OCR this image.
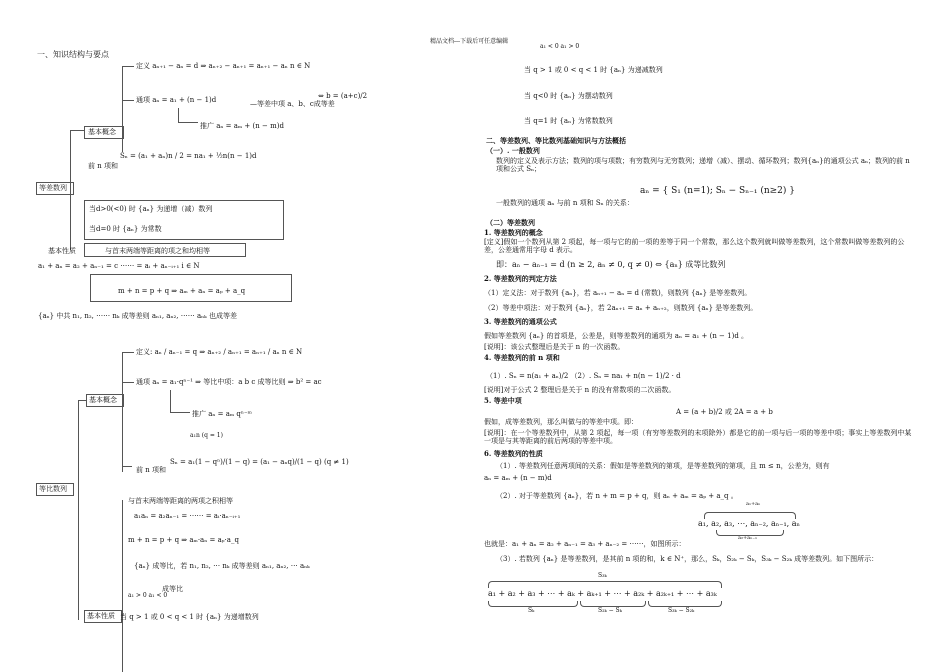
精品文档---下载后可任意编辑
一、知识结构与要点
定义 aₙ₊₁ − aₙ = d ⇒ aₙ₊₂ − aₙ₊₁ = aₙ₊₁ − aₙ n ∈ N
通项 aₙ = a₁ + (n − 1)d	—等差中项 a、b、c成等差
⇔ b = (a+c)/2
推广 aₙ = aₘ + (n − m)d
基本概念
前 n 项和
Sₙ = (a₁ + aₙ)n / 2 = na₁ + ½n(n − 1)d
等差数列
当d>0(<0) 时 {aₙ} 为递增（减）数列
当d=0 时 {aₙ} 为常数
基本性质	与首末两端等距离的项之和均相等
a₁ + aₙ = a₂ + aₙ₋₁ = c ⋯⋯ = aᵢ + aₙ₋ᵢ₊₁ i ∈ N
m + n = p + q ⇒ aₘ + aₙ = aₚ + a_q
{aₙ} 中共 n₁, n₂, ⋯⋯ nₖ 成等差则 aₙ₁, aₙ₂, ⋯⋯ aₙₖ 也成等差
定义: aₙ / aₙ₋₁ = q ⇒ aₙ₊₂ / aₙ₊₁ = aₙ₊₁ / aₙ n ∈ N
通项 aₙ = a₁·qⁿ⁻¹ ⇒ 等比中项：a b c 成等比则 ⇒ b² = ac
推广 aₙ = aₘ qⁿ⁻ᵐ
基本概念
a₁n (q = 1)
前 n 项和
Sₙ = a₁(1 − qⁿ)/(1 − q) = (a₁ − aₙq)/(1 − q) (q ≠ 1)
等比数列
与首末两端等距离的两项之积相等
a₁aₙ = a₂aₙ₋₁ = ⋯⋯ = aᵢ·aₙ₋ᵢ₊₁
m + n = p + q ⇒ aₘ·aₙ = aₚ·a_q
{aₙ} 成等比，若 n₁, n₂, ⋯ nₖ 成等差则 aₙ₁, aₙ₂, ⋯ aₙₖ
成等比
a₁ > 0 a₁ < 0
基本性质 当 q > 1 或 0 < q < 1 时 {aₙ} 为递增数列
a₁ < 0 a₁ > 0
当 q > 1 或 0 < q < 1 时 {aₙ} 为递减数列
当 q<0 时 {aₙ} 为摆动数列
当 q=1 时 {aₙ} 为常数数列
二、等差数列、等比数列基础知识与方法概括
（一）. 一般数列
数列的定义及表示方法；数列的项与项数；有穷数列与无穷数列；递增（减）、摆动、循环数列；数列{aₙ}的通项公式 aₙ；数列的前 n 项和公式 Sₙ；
一般数列的通项 aₙ 与前 n 项和 Sₙ 的关系：
aₙ = { S₁ (n=1); Sₙ − Sₙ₋₁ (n≥2) }
（二）等差数列
1. 等差数列的概念
[定义]假如一个数列从第 2 项起，每一项与它的前一项的差等于同一个常数，那么这个数列就叫做等差数列，这个常数叫做等差数列的公差，公差通常用字母 d 表示。
即：aₙ − aₙ₋₁ = d (n ≥ 2, aₙ ≠ 0, q ≠ 0) ⇔ {aₙ} 成等比数列
2. 等差数列的判定方法
（1）定义法：对于数列 {aₙ}，若 aₙ₊₁ − aₙ = d (常数)，则数列 {aₙ} 是等差数列。
（2）等差中项法：对于数列 {aₙ}，若 2aₙ₊₁ = aₙ + aₙ₊₂，则数列 {aₙ} 是等差数列。
3. 等差数列的通项公式
假如等差数列 {aₙ} 的首项是，公差是，则等差数列的通项为 aₙ = a₁ + (n − 1)d 。
[说明]：该公式整理后是关于 n 的一次函数。
4. 等差数列的前 n 项和
（1）. Sₙ = n(a₁ + aₙ)/2 （2）. Sₙ = na₁ + n(n − 1)/2 · d
[说明]对于公式 2 整理后是关于 n 的没有常数项的二次函数。
5. 等差中项
A = (a + b)/2 或 2A = a + b
假如，成等差数列，那么叫做与的等差中项。即：
[说明]：在一个等差数列中，从第 2 项起，每一项（有穷等差数列的末项除外）都是它的前一项与后一项的等差中项；事实上等差数列中某一项是与其等距离的前后两项的等差中项。
6. 等差数列的性质
（1）. 等差数列任意两项间的关系：假如是等差数列的第项，是等差数列的第项，且 m ≤ n，公差为，则有
aₙ = aₘ + (n − m)d
（2）. 对于等差数列 {aₙ}，若 n + m = p + q，则 aₙ + aₘ = aₚ + a_q 。
a₁+aₙ
a₁, a₂, a₃, ⋯, aₙ₋₂, aₙ₋₁, aₙ
a₂+aₙ₋₁
也就是：a₁ + aₙ = a₂ + aₙ₋₁ = a₃ + aₙ₋₂ = ⋯⋯，如图所示：
（3）. 若数列 {aₙ} 是等差数列，是其前 n 项的和，k ∈ N⁺，那么，Sₖ，S₂ₖ − Sₖ，S₃ₖ − S₂ₖ 成等差数列。如下图所示：
S₃ₖ
a₁ + a₂ + a₃ + ⋯ + aₖ + aₖ₊₁ + ⋯ + a₂ₖ + a₂ₖ₊₁ + ⋯ + a₃ₖ
Sₖ	S₂ₖ − Sₖ	S₃ₖ − S₂ₖ
